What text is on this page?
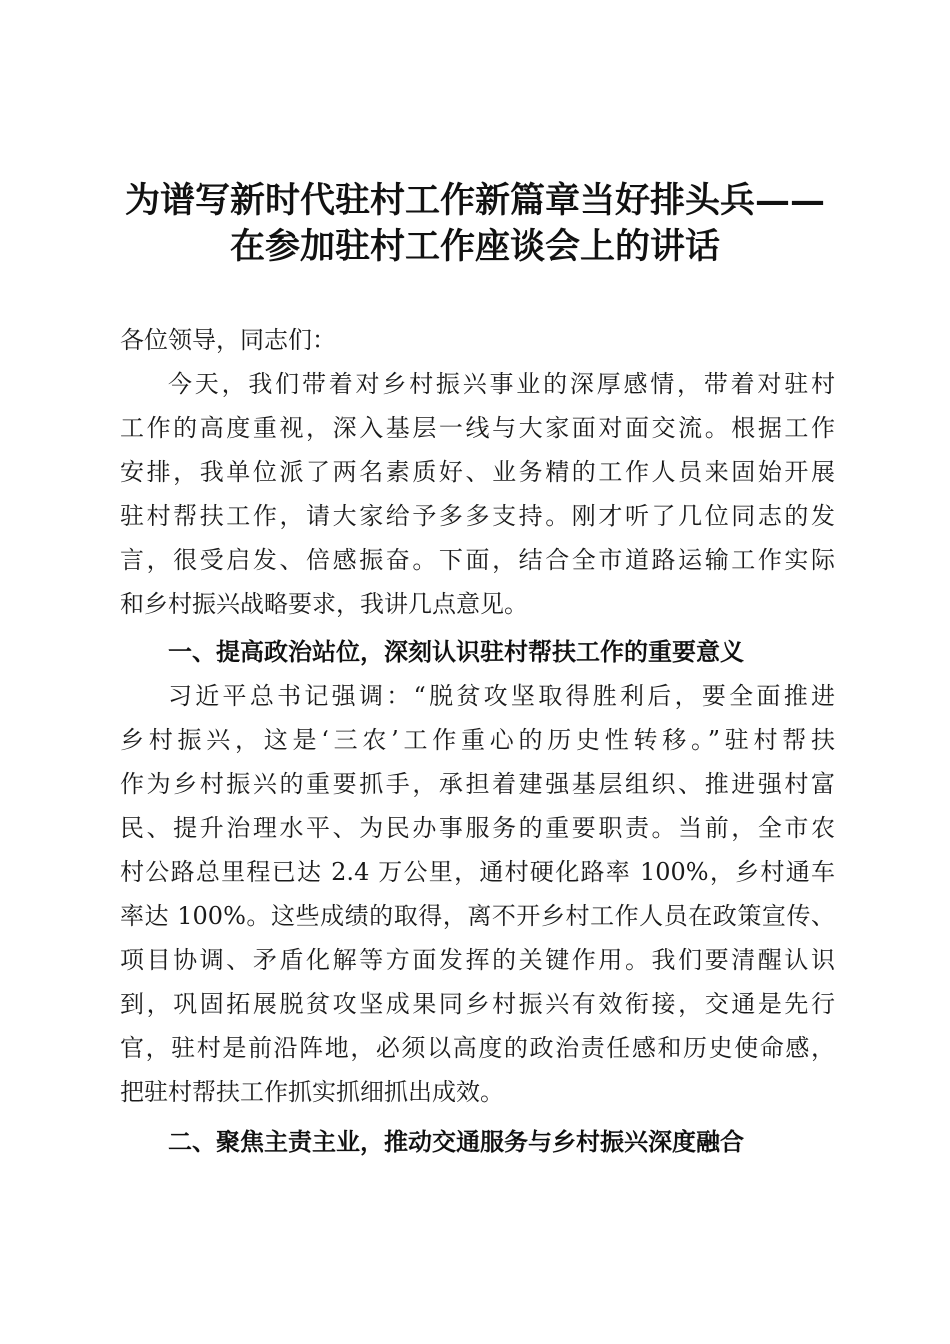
为谱写新时代驻村工作新篇章当好排头兵——
在参加驻村工作座谈会上的讲话
各位领导，同志们：
今天，我们带着对乡村振兴事业的深厚感情，带着对驻村
工作的高度重视，深入基层一线与大家面对面交流。根据工作
安排，我单位派了两名素质好、业务精的工作人员来固始开展
驻村帮扶工作，请大家给予多多支持。刚才听了几位同志的发
言，很受启发、倍感振奋。下面，结合全市道路运输工作实际
和乡村振兴战略要求，我讲几点意见。
一、提高政治站位，深刻认识驻村帮扶工作的重要意义
习近平总书记强调：“脱贫攻坚取得胜利后，要全面推进
乡村振兴，这是‘三农’工作重心的历史性转移。”驻村帮扶
作为乡村振兴的重要抓手，承担着建强基层组织、推进强村富
民、提升治理水平、为民办事服务的重要职责。当前，全市农
村公路总里程已达 2.4 万公里，通村硬化路率 100%，乡村通车
率达 100%。这些成绩的取得，离不开乡村工作人员在政策宣传、
项目协调、矛盾化解等方面发挥的关键作用。我们要清醒认识
到，巩固拓展脱贫攻坚成果同乡村振兴有效衔接，交通是先行
官，驻村是前沿阵地，必须以高度的政治责任感和历史使命感，
把驻村帮扶工作抓实抓细抓出成效。
二、聚焦主责主业，推动交通服务与乡村振兴深度融合
